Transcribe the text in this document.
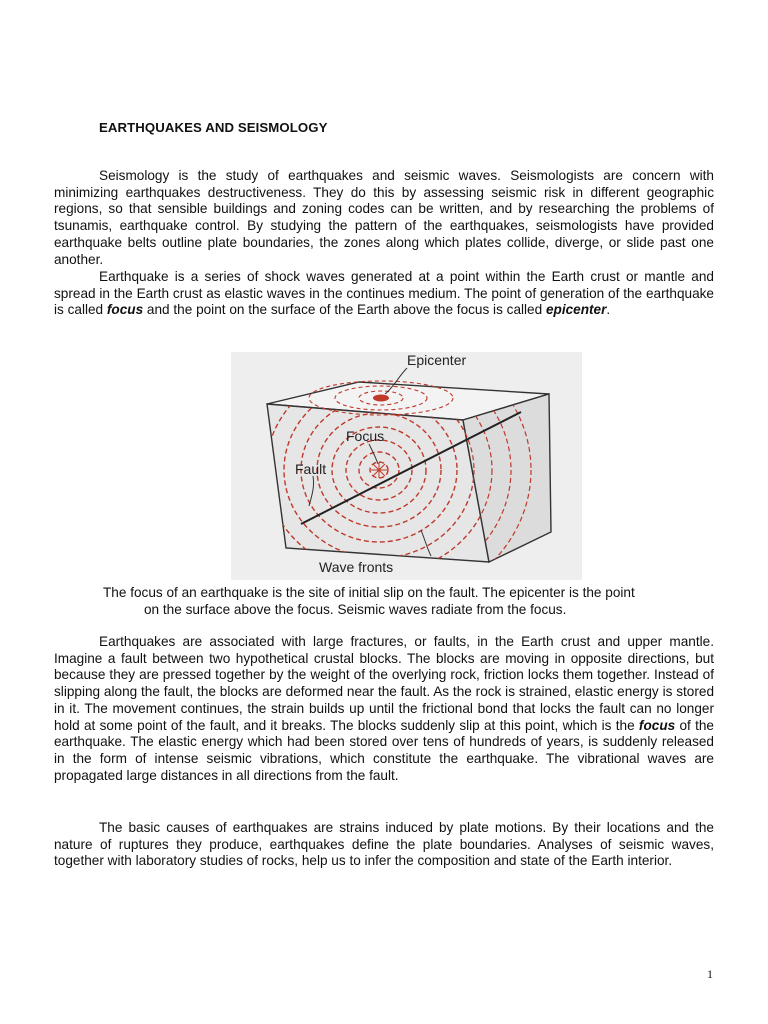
EARTHQUAKES AND SEISMOLOGY

Seismology is the study of earthquakes and seismic waves. Seismologists are concern with minimizing earthquakes destructiveness. They do this by assessing seismic risk in different geographic regions, so that sensible buildings and zoning codes can be written, and by researching the problems of tsunamis, earthquake control. By studying the pattern of the earthquakes, seismologists have provided earthquake belts outline plate boundaries, the zones along which plates collide, diverge, or slide past one another.

Earthquake is a series of shock waves generated at a point within the Earth crust or mantle and spread in the Earth crust as elastic waves in the continues medium. The point of generation of the earthquake is called focus and the point on the surface of the Earth above the focus is called epicenter.

Epicenter
Focus
Fault
Wave fronts

The focus of an earthquake is the site of initial slip on the fault. The epicenter is the point
on the surface above the focus. Seismic waves radiate from the focus.

Earthquakes are associated with large fractures, or faults, in the Earth crust and upper mantle. Imagine a fault between two hypothetical crustal blocks. The blocks are moving in opposite directions, but because they are pressed together by the weight of the overlying rock, friction locks them together. Instead of slipping along the fault, the blocks are deformed near the fault. As the rock is strained, elastic energy is stored in it. The movement continues, the strain builds up until the frictional bond that locks the fault can no longer hold at some point of the fault, and it breaks. The blocks suddenly slip at this point, which is the focus of the earthquake. The elastic energy which had been stored over tens of hundreds of years, is suddenly released in the form of intense seismic vibrations, which constitute the earthquake. The vibrational waves are propagated large distances in all directions from the fault.

The basic causes of earthquakes are strains induced by plate motions. By their locations and the nature of ruptures they produce, earthquakes define the plate boundaries. Analyses of seismic waves, together with laboratory studies of rocks, help us to infer the composition and state of the Earth interior.

1
